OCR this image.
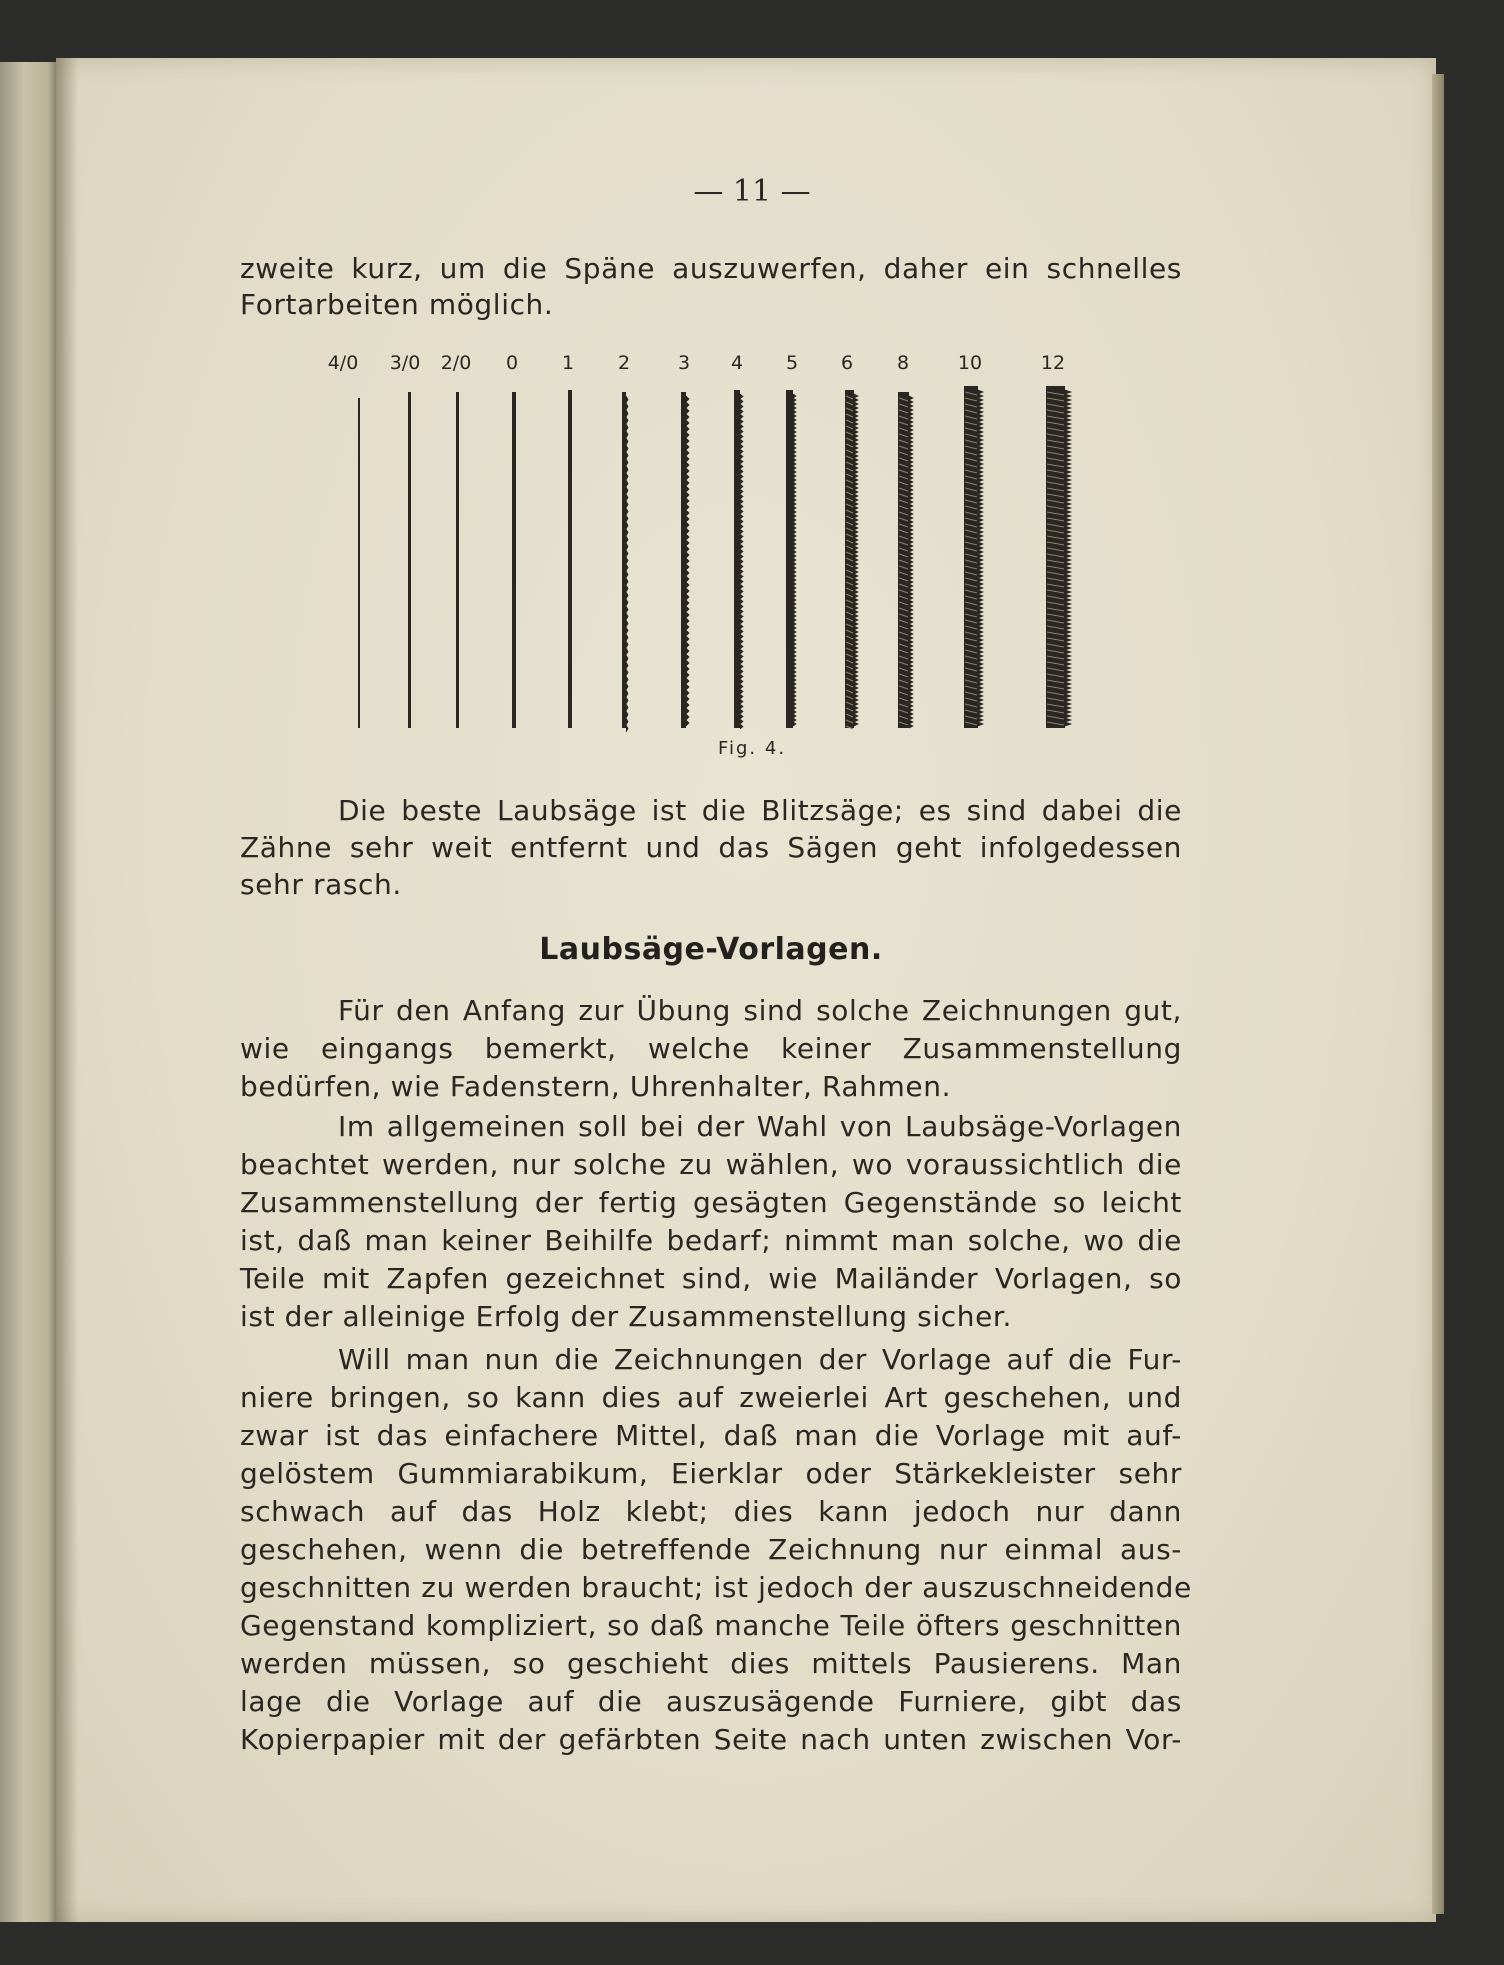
— 11 —
zweite kurz, um die Späne auszuwerfen, daher ein schnelles
Fortarbeiten möglich.
4/0 3/0 2/0 0 1 2	3 4 5 6 8	10	12
Fig. 4.
Die beste Laubsäge ist die Blitzsäge; es sind dabei die
Zähne sehr weit entfernt und das Sägen geht infolgedessen
sehr rasch.
Laubsäge-Vorlagen.
Für den Anfang zur Übung sind solche Zeichnungen gut,
wie eingangs bemerkt, welche keiner Zusammenstellung
bedürfen, wie Fadenstern, Uhrenhalter, Rahmen.
Im allgemeinen soll bei der Wahl von Laubsäge-Vorlagen
beachtet werden, nur solche zu wählen, wo voraussichtlich die
Zusammenstellung der fertig gesägten Gegenstände so leicht
ist, daß man keiner Beihilfe bedarf; nimmt man solche, wo die
Teile mit Zapfen gezeichnet sind, wie Mailänder Vorlagen, so
ist der alleinige Erfolg der Zusammenstellung sicher.
Will man nun die Zeichnungen der Vorlage auf die Fur-
niere bringen, so kann dies auf zweierlei Art geschehen, und
zwar ist das einfachere Mittel, daß man die Vorlage mit auf-
gelöstem Gummiarabikum, Eierklar oder Stärkekleister sehr
schwach auf das Holz klebt; dies kann jedoch nur dann
geschehen, wenn die betreffende Zeichnung nur einmal aus-
geschnitten zu werden braucht; ist jedoch der auszuschneidende
Gegenstand kompliziert, so daß manche Teile öfters geschnitten
werden müssen, so geschieht dies mittels Pausierens. Man
lage die Vorlage auf die auszusägende Furniere, gibt das
Kopierpapier mit der gefärbten Seite nach unten zwischen Vor-
